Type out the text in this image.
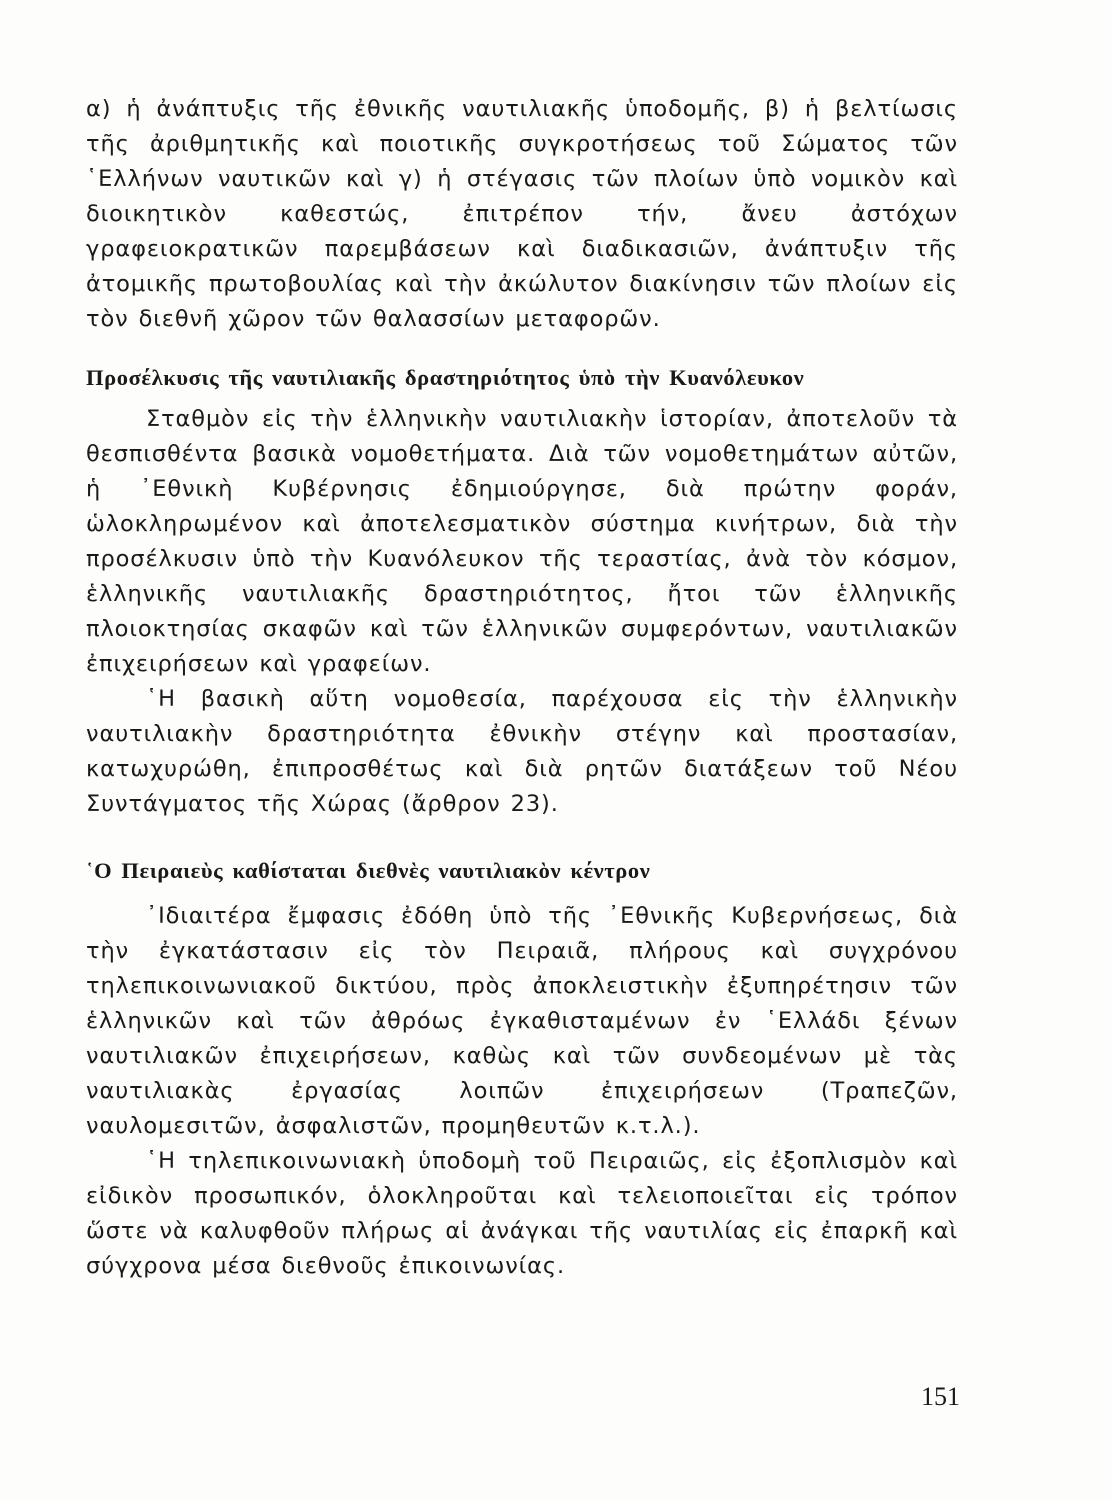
α) ἡ ἀνάπτυξις τῆς ἐθνικῆς ναυτιλιακῆς ὑποδομῆς, β) ἡ βελτίωσις τῆς ἀριθμητικῆς καὶ ποιοτικῆς συγκροτήσεως τοῦ Σώματος τῶν ῾Ελλήνων ναυτικῶν καὶ γ) ἡ στέγασις τῶν πλοίων ὑπὸ νομικὸν καὶ διοικητικὸν καθεστώς, ἐπιτρέπον τήν, ἄνευ ἀστόχων γραφειοκρατικῶν παρεμβάσεων καὶ διαδικασιῶν, ἀνάπτυξιν τῆς ἀτομικῆς πρωτοβουλίας καὶ τὴν ἀκώλυτον διακίνησιν τῶν πλοίων εἰς τὸν διεθνῆ χῶρον τῶν θαλασσίων μεταφορῶν.

Προσέλκυσις τῆς ναυτιλιακῆς δραστηριότητος ὑπὸ τὴν Κυανόλευκον

Σταθμὸν εἰς τὴν ἑλληνικὴν ναυτιλιακὴν ἱστορίαν, ἀποτελοῦν τὰ θεσπισθέντα βασικὰ νομοθετήματα. Διὰ τῶν νομοθετημάτων αὐτῶν, ἡ ᾿Εθνικὴ Κυβέρνησις ἐδημιούργησε, διὰ πρώτην φοράν, ὡλοκληρωμένον καὶ ἀποτελεσματικὸν σύστημα κινήτρων, διὰ τὴν προσέλκυσιν ὑπὸ τὴν Κυανόλευκον τῆς τεραστίας, ἀνὰ τὸν κόσμον, ἑλληνικῆς ναυτιλιακῆς δραστηριότητος, ἤτοι τῶν ἑλληνικῆς πλοιοκτησίας σκαφῶν καὶ τῶν ἑλληνικῶν συμφερόντων, ναυτιλιακῶν ἐπιχειρήσεων καὶ γραφείων.

῾Η βασικὴ αὕτη νομοθεσία, παρέχουσα εἰς τὴν ἑλληνικὴν ναυτιλιακὴν δραστηριότητα ἐθνικὴν στέγην καὶ προστασίαν, κατωχυρώθη, ἐπιπροσθέτως καὶ διὰ ρητῶν διατάξεων τοῦ Νέου Συντάγματος τῆς Χώρας (ἄρθρον 23).

῾Ο Πειραιεὺς καθίσταται διεθνὲς ναυτιλιακὸν κέντρον

᾿Ιδιαιτέρα ἔμφασις ἐδόθη ὑπὸ τῆς ᾿Εθνικῆς Κυβερνήσεως, διὰ τὴν ἐγκατάστασιν εἰς τὸν Πειραιᾶ, πλήρους καὶ συγχρόνου τηλεπικοινωνιακοῦ δικτύου, πρὸς ἀποκλειστικὴν ἐξυπηρέτησιν τῶν ἑλληνικῶν καὶ τῶν ἀθρόως ἐγκαθισταμένων ἐν ῾Ελλάδι ξένων ναυτιλιακῶν ἐπιχειρήσεων, καθὼς καὶ τῶν συνδεομένων μὲ τὰς ναυτιλιακὰς ἐργασίας λοιπῶν ἐπιχειρήσεων (Τραπεζῶν, ναυλομεσιτῶν, ἀσφαλιστῶν, προμηθευτῶν κ.τ.λ.).

῾Η τηλεπικοινωνιακὴ ὑποδομὴ τοῦ Πειραιῶς, εἰς ἐξοπλισμὸν καὶ εἰδικὸν προσωπικόν, ὁλοκληροῦται καὶ τελειοποιεῖται εἰς τρόπον ὥστε νὰ καλυφθοῦν πλήρως αἱ ἀνάγκαι τῆς ναυτιλίας εἰς ἐπαρκῆ καὶ σύγχρονα μέσα διεθνοῦς ἐπικοινωνίας.

151
